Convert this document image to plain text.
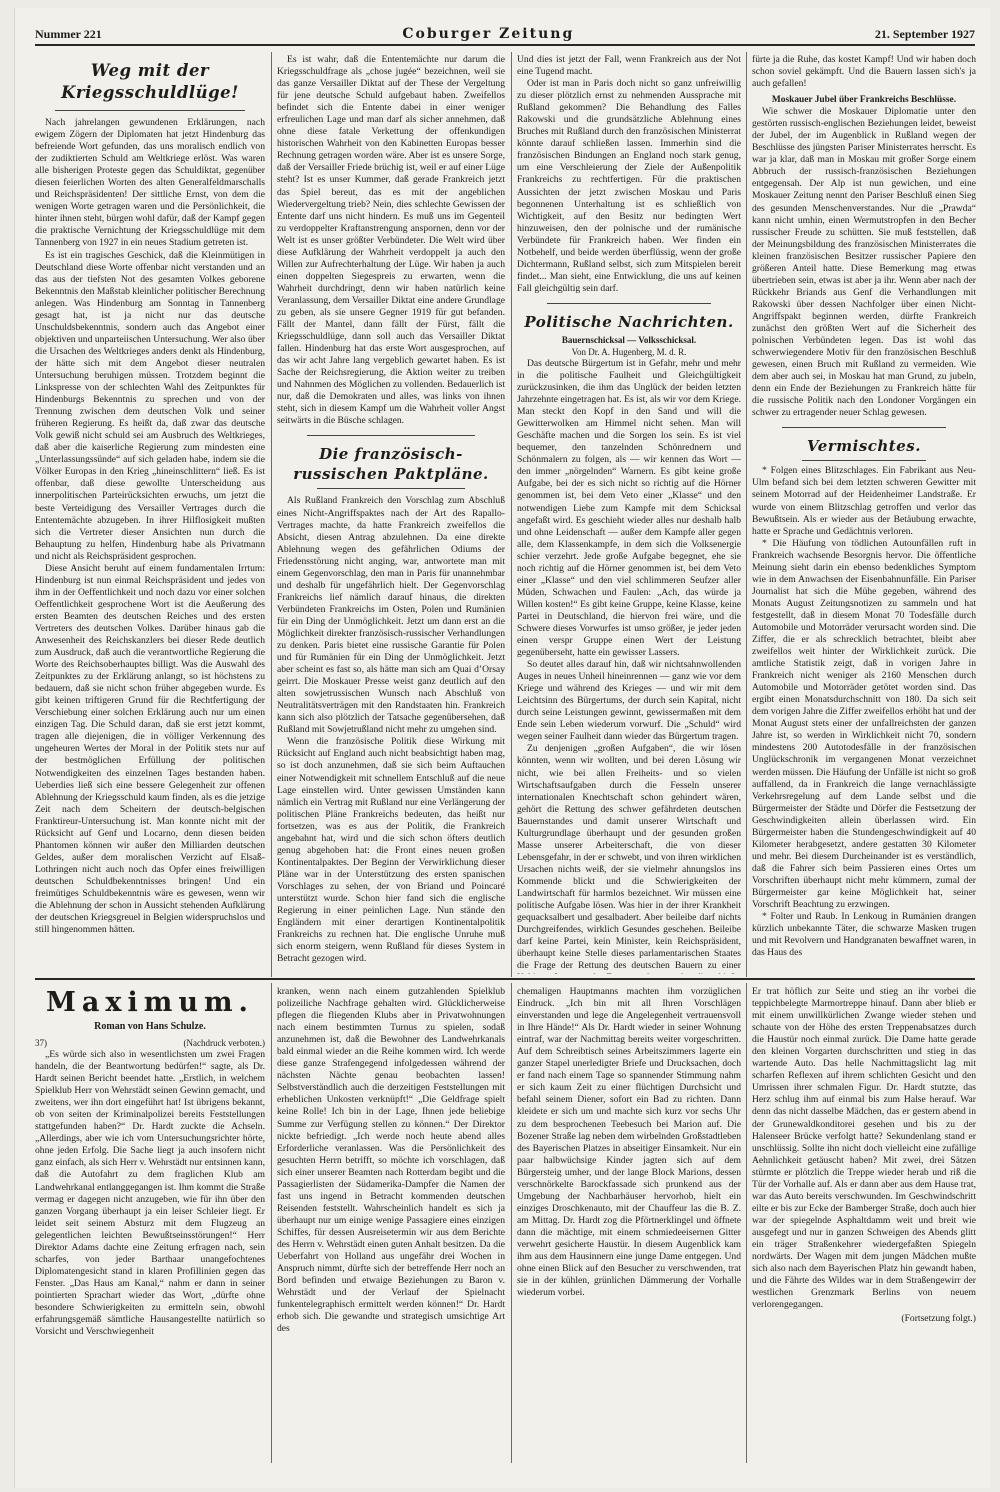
Nummer 221	Coburger Zeitung	21. September 1927
Weg mit der Kriegsschuldlüge!

Nach jahrelangen gewundenen Erklärungen, nach ewigem Zögern der Diplomaten hat jetzt Hindenburg das befreiende Wort gefunden, das uns moralisch endlich von der zudiktierten Schuld am Weltkriege erlöst. Was waren alle bisherigen Proteste gegen das Schuldiktat, gegenüber diesen feierlichen Worten des alten Generalfeldmarschalls und Reichspräsidenten! Der sittliche Ernst, von dem die wenigen Worte getragen waren und die Persönlichkeit, die hinter ihnen steht, bürgen wohl dafür, daß der Kampf gegen die praktische Vernichtung der Kriegsschuldlüge mit dem Tannenberg von 1927 in ein neues Stadium getreten ist.

Es ist ein tragisches Geschick, daß die Kleinmütigen in Deutschland diese Worte offenbar nicht verstanden und an das aus der tiefsten Not des gesamten Volkes geborene Bekenntnis den Maßstab kleinlicher politischer Berechnung anlegen. Was Hindenburg am Sonntag in Tannenberg gesagt hat, ist ja nicht nur das deutsche Unschuldsbekenntnis, sondern auch das Angebot einer objektiven und unparteiischen Untersuchung. Wer also über die Ursachen des Weltkrieges anders denkt als Hindenburg, der hätte sich mit dem Angebot dieser neutralen Untersuchung beruhigen müssen. Trotzdem beginnt die Linkspresse von der schlechten Wahl des Zeitpunktes für Hindenburgs Bekenntnis zu sprechen und von der Trennung zwischen dem deutschen Volk und seiner früheren Regierung. Es heißt da, daß zwar das deutsche Volk gewiß nicht schuld sei am Ausbruch des Weltkrieges, daß aber die kaiserliche Regierung zum mindesten eine „Unterlassungssünde“ auf sich geladen habe, indem sie die Völker Europas in den Krieg „hineinschlittern“ ließ. Es ist offenbar, daß diese gewollte Unterscheidung aus innerpolitischen Parteirücksichten erwuchs, um jetzt die beste Verteidigung des Versailler Vertrages durch die Ententemächte abzugeben. In ihrer Hilflosigkeit mußten sich die Vertreter dieser Ansichten nun durch die Behauptung zu helfen, Hindenburg habe als Privatmann und nicht als Reichspräsident gesprochen.

Diese Ansicht beruht auf einem fundamentalen Irrtum: Hindenburg ist nun einmal Reichspräsident und jedes von ihm in der Oeffentlichkeit und noch dazu vor einer solchen Oeffentlichkeit gesprochene Wort ist die Aeußerung des ersten Beamten des deutschen Reiches und des ersten Vertreters des deutschen Volkes. Darüber hinaus gab die Anwesenheit des Reichskanzlers bei dieser Rede deutlich zum Ausdruck, daß auch die verantwortliche Regierung die Worte des Reichsoberhauptes billigt. Was die Auswahl des Zeitpunktes zu der Erklärung anlangt, so ist höchstens zu bedauern, daß sie nicht schon früher abgegeben wurde. Es gibt keinen triftigeren Grund für die Rechtfertigung der Verschiebung einer solchen Erklärung auch nur um einen einzigen Tag. Die Schuld daran, daß sie erst jetzt kommt, tragen alle diejenigen, die in völliger Verkennung des ungeheuren Wertes der Moral in der Politik stets nur auf der bestmöglichen Erfüllung der politischen Notwendigkeiten des einzelnen Tages bestanden haben. Ueberdies ließ sich eine bessere Gelegenheit zur offenen Ablehnung der Kriegsschuld kaum finden, als es die jetzige Zeit nach dem Scheitern der deutsch-belgischen Franktireur-Untersuchung ist. Man konnte nicht mit der Rücksicht auf Genf und Locarno, denn diesen beiden Phantomen können wir außer den Milliarden deutschen Geldes, außer dem moralischen Verzicht auf Elsaß-Lothringen nicht auch noch das Opfer eines freiwilligen deutschen Schuldbekenntnisses bringen! Und ein freimütiges Schuldbekenntnis wäre es gewesen, wenn wir die Ablehnung der schon in Aussicht stehenden Aufklärung der deutschen Kriegsgreuel in Belgien widerspruchslos und still hingenommen hätten.

Es ist wahr, daß die Ententemächte nur darum die Kriegsschuldfrage als „chose jugée“ bezeichnen, weil sie das ganze Versailler Diktat auf der These der Vergeltung für jene deutsche Schuld aufgebaut haben. Zweifellos befindet sich die Entente dabei in einer weniger erfreulichen Lage und man darf als sicher annehmen, daß ohne diese fatale Verkettung der offenkundigen historischen Wahrheit von den Kabinetten Europas besser Rechnung getragen worden wäre. Aber ist es unsere Sorge, daß der Versailler Friede brüchig ist, weil er auf einer Lüge steht? Ist es unser Kummer, daß gerade Frankreich jetzt das Spiel bereut, das es mit der angeblichen Wiedervergeltung trieb? Nein, dies schlechte Gewissen der Entente darf uns nicht hindern. Es muß uns im Gegenteil zu verdoppelter Kraftanstrengung anspornen, denn vor der Welt ist es unser größter Verbündeter. Die Welt wird über diese Aufklärung der Wahrheit verdoppelt ja auch den Willen zur Aufrechterhaltung der Lüge. Wir haben ja auch einen doppelten Siegespreis zu erwarten, wenn die Wahrheit durchdringt, denn wir haben natürlich keine Veranlassung, dem Versailler Diktat eine andere Grundlage zu geben, als sie unsere Gegner 1919 für gut befanden. Fällt der Mantel, dann fällt der Fürst, fällt die Kriegsschuldlüge, dann soll auch das Versailler Diktat fallen. Hindenburg hat das erste Wort ausgesprochen, auf das wir acht Jahre lang vergeblich gewartet haben. Es ist Sache der Reichsregierung, die Aktion weiter zu treiben und Nahnmen des Möglichen zu vollenden. Bedauerlich ist nur, daß die Demokraten und alles, was links von ihnen steht, sich in diesem Kampf um die Wahrheit voller Angst seitwärts in die Büsche schlagen.

Die französisch-russischen Paktpläne.

Als Rußland Frankreich den Vorschlag zum Abschluß eines Nicht-Angriffspaktes nach der Art des Rapallo-Vertrages machte, da hatte Frankreich zweifellos die Absicht, diesen Antrag abzulehnen. Da eine direkte Ablehnung wegen des gefährlichen Odiums der Friedensstörung nicht anging, war, antwortete man mit einem Gegenvorschlag, den man in Paris für unannehmbar und deshalb für ungefährlich hielt. Der Gegenvorschlag Frankreichs lief nämlich darauf hinaus, die direkten Verbündeten Frankreichs im Osten, Polen und Rumänien für ein Ding der Unmöglichkeit. Jetzt um dann erst an die Möglichkeit direkter französisch-russischer Verhandlungen zu denken. Paris bietet eine russische Garantie für Polen und für Rumänien für ein Ding der Unmöglichkeit. Jetzt aber scheint es fast so, als hätte man sich am Quai d’Orsay geirrt. Die Moskauer Presse weist ganz deutlich auf den alten sowjetrussischen Wunsch nach Abschluß von Neutralitätsverträgen mit den Randstaaten hin. Frankreich kann sich also plötzlich der Tatsache gegenübersehen, daß Rußland mit Sowjetrußland nicht mehr zu umgehen sind.

Wenn die französische Politik diese Wirkung mit Rücksicht auf England auch nicht beabsichtigt haben mag, so ist doch anzunehmen, daß sie sich beim Auftauchen einer Notwendigkeit mit schnellem Entschluß auf die neue Lage einstellen wird. Unter gewissen Umständen kann nämlich ein Vertrag mit Rußland nur eine Verlängerung der politischen Pläne Frankreichs bedeuten, das heißt nur fortsetzen, was es aus der Politik, die Frankreich angebahnt hat, wird und die sich schon öfters deutlich genug abgehoben hat: die Front eines neuen großen Kontinentalpaktes. Der Beginn der Verwirklichung dieser Pläne war in der Unterstützung des ersten spanischen Vorschlages zu sehen, der von Briand und Poincaré unterstützt wurde. Schon hier fand sich die englische Regierung in einer peinlichen Lage. Nun stände den Engländern mit einer derartigen Kontinentalpolitik Frankreichs zu rechnen hat. Die englische Unruhe muß sich enorm steigern, wenn Rußland für dieses System in Betracht gezogen wird.

Und dies ist jetzt der Fall, wenn Frankreich aus der Not eine Tugend macht.

Oder ist man in Paris doch nicht so ganz unfreiwillig zu dieser plötzlich ernst zu nehmenden Aussprache mit Rußland gekommen? Die Behandlung des Falles Rakowski und die grundsätzliche Ablehnung eines Bruches mit Rußland durch den französischen Ministerrat könnte darauf schließen lassen. Immerhin sind die französischen Bindungen an England noch stark genug, um eine Verschleierung der Ziele der Außenpolitik Frankreichs zu rechtfertigen. Für die praktischen Aussichten der jetzt zwischen Moskau und Paris begonnenen Unterhaltung ist es schließlich von Wichtigkeit, auf den Besitz nur bedingten Wert hinzuweisen, den der polnische und der rumänische Verbündete für Frankreich haben. Wer finden ein Notbehelf, und beide werden überflüssig, wenn der große Dichtermann, Rußland selbst, sich zum Mitspielen bereit findet... Man sieht, eine Entwicklung, die uns auf keinen Fall gleichgültig sein darf.

Politische Nachrichten.
Bauernschicksal — Volksschicksal.
Von Dr. A. Hugenberg, M. d. R.

Das deutsche Bürgertum ist in Gefahr, mehr und mehr in die politische Faulheit und Gleichgültigkeit zurückzusinken, die ihm das Unglück der beiden letzten Jahrzehnte eingetragen hat. Es ist, als wir vor dem Kriege. Man steckt den Kopf in den Sand und will die Gewitterwolken am Himmel nicht sehen. Man will Geschäfte machen und die Sorgen los sein. Es ist viel bequemer, den tanzelnden Schönrednern und Schönmalern zu folgen, als — wir kennen das Wort — den immer „nörgelnden“ Warnern. Es gibt keine große Aufgabe, bei der es sich nicht so richtig auf die Hörner genommen ist, bei dem Veto einer „Klasse“ und den notwendigen Liebe zum Kampfe mit dem Schicksal angefaßt wird. Es geschieht wieder alles nur deshalb halb und ohne Leidenschaft — außer dem Kampfe aller gegen alle, dem Klassenkampfe, in dem sich die Volksenergie schier verzehrt. Jede große Aufgabe begegnet, ehe sie noch richtig auf die Hörner genommen ist, bei dem Veto einer „Klasse“ und den viel schlimmeren Seufzer aller Müden, Schwachen und Faulen: „Ach, das würde ja Willen kosten!“ Es gibt keine Gruppe, keine Klasse, keine Partei in Deutschland, die hiervon frei wäre, und die Schwere dieses Vorwurfes ist umso größer, je jeder jeden einen verspr Gruppe einen Wert der Leistung gegenüberseht, hatte ein gewisser Lassers.

So deutet alles darauf hin, daß wir nichtsahnwollenden Auges in neues Unheil hineinrennen — ganz wie vor dem Kriege und während des Krieges — und wir mit dem Leichtsinn des Bürgertums, der durch sein Kapital, nicht durch seine Leistungen gewinnt, gewissermaßen mit dem Ende sein Leben wiederum vorwurf. Die „Schuld“ wird wegen seiner Faulheit dann wieder das Bürgertum tragen.

Zu denjenigen „großen Aufgaben“, die wir lösen könnten, wenn wir wollten, und bei deren Lösung wir nicht, wie bei allen Freiheits- und so vielen Wirtschaftsaufgaben durch die Fesseln unserer internationalen Knechtschaft schon gehindert wären, gehört die Rettung des schwer gefährdeten deutschen Bauernstandes und damit unserer Wirtschaft und Kulturgrundlage überhaupt und der gesunden großen Masse unserer Arbeiterschaft, die von dieser Lebensgefahr, in der er schwebt, und von ihren wirklichen Ursachen nichts weiß, der sie vielmehr ahnungslos ins Kommende blickt und die Schwierigkeiten der Landwirtschaft für harmlos bezeichnet. Wir müssen eine politische Aufgabe lösen. Was hier in der ihrer Krankheit gequacksalbert und gesalbadert. Aber beileibe darf nichts Durchgreifendes, wirklich Gesundes geschehen. Beileibe darf keine Partei, kein Minister, kein Reichspräsident, überhaupt keine Stelle dieses parlamentarischen Staates die Frage der Rettung des deutschen Bauern zu einer

fürte ja die Ruhe, das kostet Kampf! Und wir haben doch schon soviel gekämpft. Und die Bauern lassen sich's ja auch gefallen!

Moskauer Jubel über Frankreichs Beschlüsse.

Wie schwer die Moskauer Diplomatie unter den gestörten russisch-englischen Beziehungen leidet, beweist der Jubel, der im Augenblick in Rußland wegen der Beschlüsse des jüngsten Pariser Ministerrates herrscht. Es war ja klar, daß man in Moskau mit großer Sorge einem Abbruch der russisch-französischen Beziehungen entgegensah. Der Alp ist nun gewichen, und eine Moskauer Zeitung nennt den Pariser Beschluß einen Sieg des gesunden Menschenverstandes. Nur die „Prawda“ kann nicht umhin, einen Wermutstropfen in den Becher russischer Freude zu schütten. Sie muß feststellen, daß der Meinungsbildung des französischen Ministerrates die kleinen französischen Besitzer russischer Papiere den größeren Anteil hatte. Diese Bemerkung mag etwas übertrieben sein, etwas ist aber ja ihr. Wenn aber nach der Rückkehr Briands aus Genf die Verhandlungen mit Rakowski über dessen Nachfolger über einen Nicht-Angriffspakt beginnen werden, dürfte Frankreich zunächst den größten Wert auf die Sicherheit des polnischen Verbündeten legen. Das ist wohl das schwerwiegendere Motiv für den französischen Beschluß gewesen, einen Bruch mit Rußland zu vermeiden. Wie dem aber auch sei, in Moskau hat man Grund, zu jubeln, denn ein Ende der Beziehungen zu Frankreich hätte für die russische Politik nach den Londoner Vorgängen ein schwer zu ertragender neuer Schlag gewesen.

Vermischtes.

* Folgen eines Blitzschlages. Ein Fabrikant aus Neu-Ulm befand sich bei dem letzten schweren Gewitter mit seinem Motorrad auf der Heidenheimer Landstraße. Er wurde von einem Blitzschlag getroffen und verlor das Bewußtsein. Als er wieder aus der Betäubung erwachte, hatte er Sprache und Gedächtnis verloren.

* Die Häufung von tödlichen Autounfällen ruft in Frankreich wachsende Besorgnis hervor. Die öffentliche Meinung sieht darin ein ebenso bedenkliches Symptom wie in dem Anwachsen der Eisenbahnunfälle. Ein Pariser Journalist hat sich die Mühe gegeben, während des Monats August Zeitungsnotizen zu sammeln und hat festgestellt, daß in diesem Monat 70 Todesfälle durch Automobile und Motorräder verursacht worden sind. Die Ziffer, die er als schrecklich betrachtet, bleibt aber zweifellos weit hinter der Wirklichkeit zurück. Die amtliche Statistik zeigt, daß in vorigen Jahre in Frankreich nicht weniger als 2160 Menschen durch Automobile und Motorräder getötet worden sind. Das ergibt einen Monatsdurchschnitt von 180. Da sich seit dem vorigen Jahre die Ziffer zweifellos erhöht hat und der Monat August stets einer der unfallreichsten der ganzen Jahre ist, so werden in Wirklichkeit nicht 70, sondern mindestens 200 Autotodesfälle in der französischen Unglückschronik im vergangenen Monat verzeichnet werden müssen. Die Häufung der Unfälle ist nicht so groß auffallend, da in Frankreich die lange vernachlässigte Verkehrsregelung auf dem Lande selbst und die Bürgermeister der Städte und Dörfer die Festsetzung der Geschwindigkeiten allein überlassen wird. Ein Bürgermeister haben die Stundengeschwindigkeit auf 40 Kilometer herabgesetzt, andere gestatten 30 Kilometer und mehr. Bei diesem Durcheinander ist es verständlich, daß die Fahrer sich beim Passieren eines Ortes um Vorschriften überhaupt nicht mehr kümmern, zumal der Bürgermeister gar keine Möglichkeit hat, seiner Vorschrift Beachtung zu erzwingen.

* Folter und Raub. In Lenkoug in Rumänien drangen kürzlich unbekannte Täter, die schwarze Masken trugen und mit Revolvern und Handgranaten bewaffnet waren, in das Haus des

Maximum.
Roman von Hans Schulze.
37)	(Nachdruck verboten.)

„Es würde sich also in wesentlichsten um zwei Fragen handeln, die der Beantwortung bedürfen!“ sagte, als Dr. Hardt seinen Bericht beendet hatte. „Erstlich, in welchem Spielklub Herr von Wehrstädt seinen Gewinn gemacht, und zweitens, wer ihn dort eingeführt hat! Ist übrigens bekannt, ob von seiten der Kriminalpolizei bereits Feststellungen stattgefunden haben?“ Dr. Hardt zuckte die Achseln. „Allerdings, aber wie ich vom Untersuchungsrichter hörte, ohne jeden Erfolg. Die Sache liegt ja auch insofern nicht ganz einfach, als sich Herr v. Wehrstädt nur entsinnen kann, daß die Autofahrt zu dem fraglichen Klub am Landwehrkanal entlanggegangen ist. Ihm kommt die Straße vermag er dagegen nicht anzugeben, wie für ihn über den ganzen Vorgang überhaupt ja ein leiser Schleier liegt. Er leidet seit seinem Absturz mit dem Flugzeug an gelegentlichen leichten Bewußtseinsstörungen!“ Herr Direktor Adams dachte eine Zeitung erfragen nach, sein scharfes, von jeder Barthaar unangefochtenes Diplomatengesicht stand in klaren Profillinien gegen das Fenster. „Das Haus am Kanal,“ nahm er dann in seiner pointierten Sprachart wieder das Wort, „dürfte ohne besondere Schwierigkeiten zu ermitteln sein, obwohl erfahrungsgemäß sämtliche Hausangestellte natürlich so Vorsicht und Verschwiegenheit

kranken, wenn nach einem gutzahlenden Spielklub polizeiliche Nachfrage gehalten wird. Glücklicherweise pflegen die fliegenden Klubs aber in Privatwohnungen nach einem bestimmten Turnus zu spielen, sodaß anzunehmen ist, daß die Bewohner des Landwehrkanals bald einmal wieder an die Reihe kommen wird. Ich werde diese ganze Strafengegend infolgedessen während der nächsten Nächte genau beobachten lassen! Selbstverständlich auch die derzeitigen Feststellungen mit erheblichen Unkosten verknüpft!“ „Die Geldfrage spielt keine Rolle! Ich bin in der Lage, Ihnen jede beliebige Summe zur Verfügung stellen zu können.“ Der Direktor nickte befriedigt. „Ich werde noch heute abend alles Erforderliche veranlassen. Was die Persönlichkeit des gesuchten Herrn betrifft, so möchte ich vorschlagen, daß sich einer unserer Beamten nach Rotterdam begibt und die Passagierlisten der Südamerika-Dampfer die Namen der fast uns ingend in Betracht kommenden deutschen Reisenden feststellt. Wahrscheinlich handelt es sich ja überhaupt nur um einige wenige Passagiere eines einzigen Schiffes, für dessen Ausreisetermin wir aus dem Berichte des Herrn v. Wehrstädt einen guten Anhalt besitzen. Da die Ueberfahrt von Holland aus ungefähr drei Wochen in Anspruch nimmt, dürfte sich der betreffende Herr noch an Bord befinden und etwaige Beziehungen zu Baron v. Wehrstädt und der Verlauf der Spielnacht funkentelegraphisch ermittelt werden können!“ Dr. Hardt erhob sich. Die gewandte und strategisch umsichtige Art des

chemaligen Hauptmanns machten ihm vorzüglichen Eindruck. „Ich bin mit all Ihren Vorschlägen einverstanden und lege die Angelegenheit vertrauensvoll in Ihre Hände!“ Als Dr. Hardt wieder in seiner Wohnung eintraf, war der Nachmittag bereits weiter vorgeschritten. Auf dem Schreibtisch seines Arbeitszimmers lagerte ein ganzer Stapel unerledigter Briefe und Drucksachen, doch er fand nach einem Tage so spannender Stimmung nahm er sich kaum Zeit zu einer flüchtigen Durchsicht und befahl seinem Diener, sofort ein Bad zu richten. Dann kleidete er sich um und machte sich kurz vor sechs Uhr zu dem besprochenen Teebesuch bei Marion auf. Die Bozener Straße lag neben dem wirbelnden Großstadtleben des Bayerischen Platzes in abseitiger Einsamkeit. Nur ein paar halbwüchsige Kinder jagten sich auf dem Bürgersteig umher, und der lange Block Marions, dessen verschnörkelte Barockfassade sich prunkend aus der Umgebung der Nachbarhäuser hervorhob, hielt ein einziges Droschkenauto, mit der Chauffeur las die B. Z. am Mittag. Dr. Hardt zog die Pförtnerklingel und öffnete dann die mächtige, mit einem schmiedeeisernen Gitter verwehrt gesicherte Haustür. In diesem Augenblick kam ihm aus dem Hausinnern eine junge Dame entgegen. Und ohne einen Blick auf den Besucher zu verschwenden, trat sie in der kühlen, grünlichen Dämmerung der Vorhalle wiederum vorbei.

Er trat höflich zur Seite und stieg an ihr vorbei die teppichbelegte Marmortreppe hinauf. Dann aber blieb er mit einem unwillkürlichen Zwange wieder stehen und schaute von der Höhe des ersten Treppenabsatzes durch die Haustür noch einmal zurück. Die Dame hatte gerade den kleinen Vorgarten durchschritten und stieg in das wartende Auto. Das helle Nachmittagslicht lag mit scharfen Reflexen auf ihrem schlichten Gesicht und den Umrissen ihrer schmalen Figur. Dr. Hardt stutzte, das Herz schlug ihm auf einmal bis zum Halse herauf. War denn das nicht dasselbe Mädchen, das er gestern abend in der Grunewaldkonditorei gesehen und bis zu der Halenseer Brücke verfolgt hatte? Sekundenlang stand er unschlüssig. Sollte ihn nicht doch vielleicht eine zufällige Aehnlichkeit getäuscht haben? Mit zwei, drei Sätzen stürmte er plötzlich die Treppe wieder herab und riß die Tür der Vorhalle auf. Als er dann aber aus dem Hause trat, war das Auto bereits verschwunden. Im Geschwindschritt eilte er bis zur Ecke der Bamberger Straße, doch auch hier war der spiegelnde Asphaltdamm weit und breit wie ausgefegt und nur in ganzen Schweigen des Abends glitt ein träger Straßenkehrer wiedergefaßten Spiegeln nordwärts. Der Wagen mit dem jungen Mädchen mußte sich also nach dem Bayerischen Platz hin gewandt haben, und die Fährte des Wildes war in dem Straßengewirr der westlichen Grenzmark Berlins von neuem verlorengegangen.

(Fortsetzung folgt.)
